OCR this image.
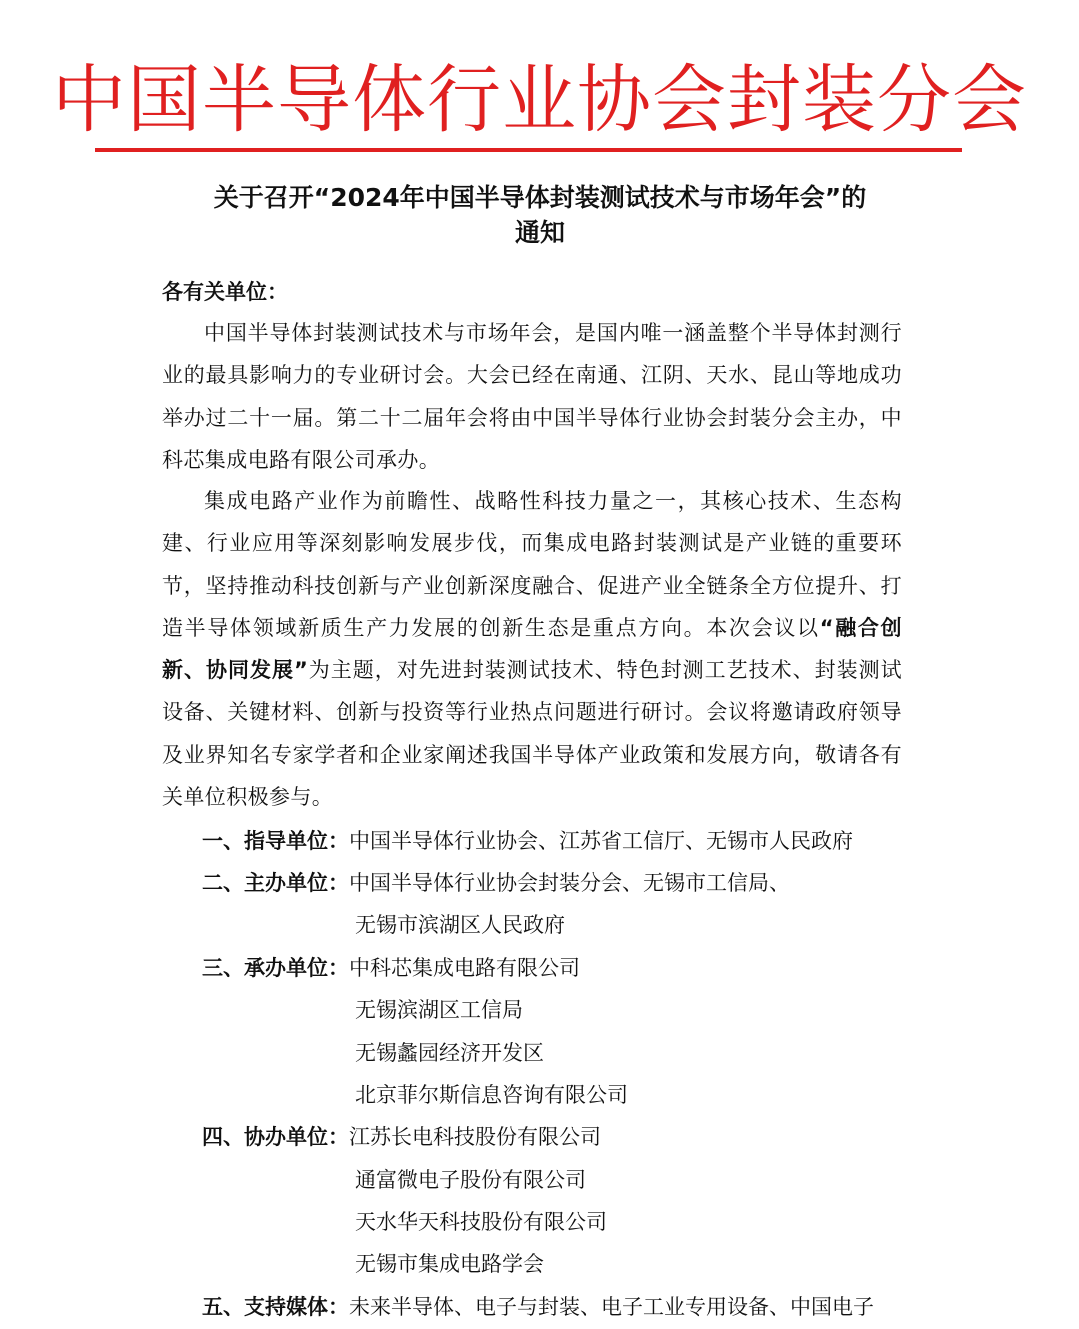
中国半导体行业协会封装分会
关于召开“2024年中国半导体封装测试技术与市场年会”的
通知
各有关单位：

中国半导体封装测试技术与市场年会，是国内唯一涵盖整个半导体封测行业的最具影响力的专业研讨会。大会已经在南通、江阴、天水、昆山等地成功举办过二十一届。第二十二届年会将由中国半导体行业协会封装分会主办，中科芯集成电路有限公司承办。

集成电路产业作为前瞻性、战略性科技力量之一，其核心技术、生态构建、行业应用等深刻影响发展步伐，而集成电路封装测试是产业链的重要环节，坚持推动科技创新与产业创新深度融合、促进产业全链条全方位提升、打造半导体领域新质生产力发展的创新生态是重点方向。本次会议以“融合创新、协同发展”为主题，对先进封装测试技术、特色封测工艺技术、封装测试设备、关键材料、创新与投资等行业热点问题进行研讨。会议将邀请政府领导及业界知名专家学者和企业家阐述我国半导体产业政策和发展方向，敬请各有关单位积极参与。

一、指导单位：中国半导体行业协会、江苏省工信厅、无锡市人民政府
二、主办单位：中国半导体行业协会封装分会、无锡市工信局、
无锡市滨湖区人民政府
三、承办单位：中科芯集成电路有限公司
无锡滨湖区工信局
无锡蠡园经济开发区
北京菲尔斯信息咨询有限公司
四、协办单位：江苏长电科技股份有限公司
通富微电子股份有限公司
天水华天科技股份有限公司
无锡市集成电路学会
五、支持媒体：未来半导体、电子与封装、电子工业专用设备、中国电子
